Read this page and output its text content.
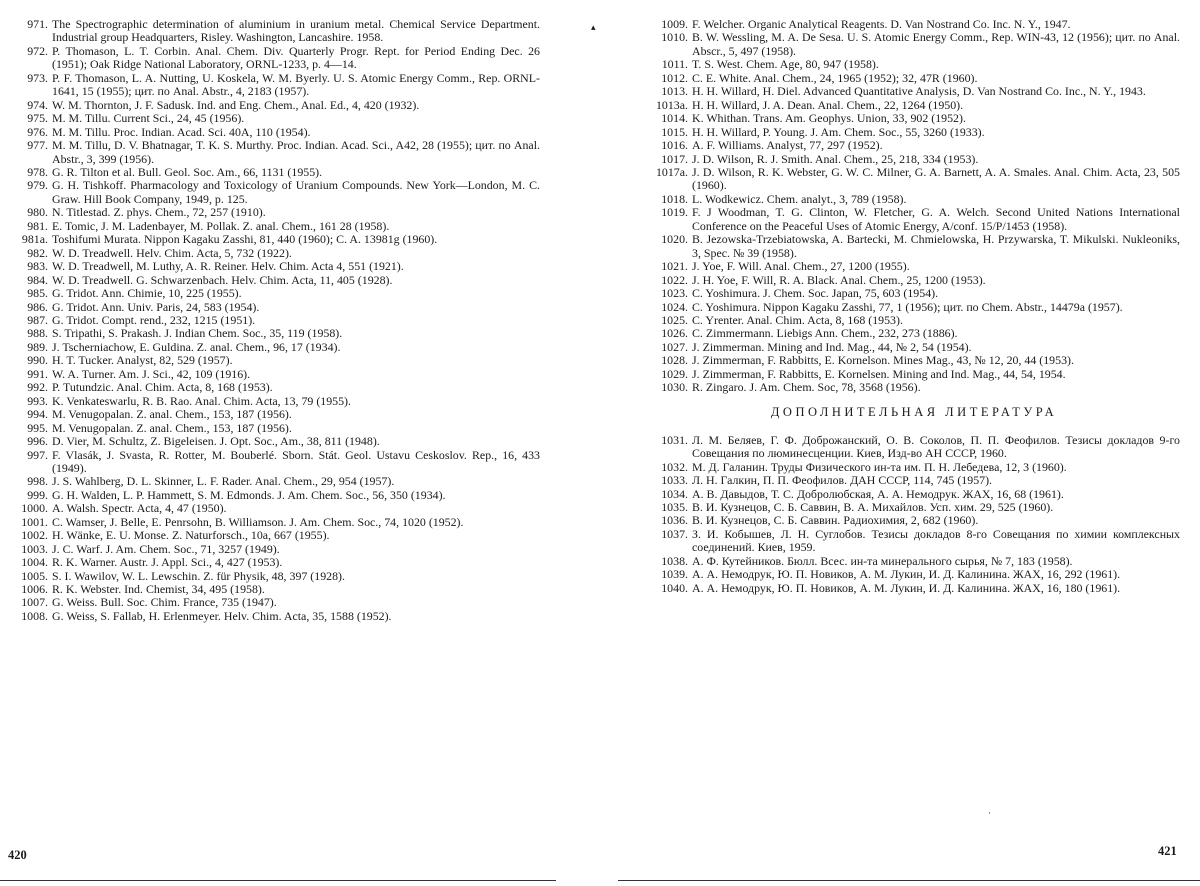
971. The Spectrographic determination of aluminium in uranium metal. Chemical Service Department. Industrial group Headquarters, Risley. Washington, Lancashire. 1958.
972. P. Thomason, L. T. Corbin. Anal. Chem. Div. Quarterly Progr. Rept. for Period Ending Dec. 26 (1951); Oak Ridge National Laboratory, ORNL-1233, p. 4—14.
973. P. F. Thomason, L. A. Nutting, U. Koskela, W. M. Byerly. U. S. Atomic Energy Comm., Rep. ORNL-1641, 15 (1955); цит. по Anal. Abstr., 4, 2183 (1957).
974. W. M. Thornton, J. F. Sadusk. Ind. and Eng. Chem., Anal. Ed., 4, 420 (1932).
975. M. M. Tillu. Current Sci., 24, 45 (1956).
976. M. M. Tillu. Proc. Indian. Acad. Sci. 40A, 110 (1954).
977. M. M. Tillu, D. V. Bhatnagar, T. K. S. Murthy. Proc. Indian. Acad. Sci., A42, 28 (1955); цит. по Anal. Abstr., 3, 399 (1956).
978. G. R. Tilton et al. Bull. Geol. Soc. Am., 66, 1131 (1955).
979. G. H. Tishkoff. Pharmacology and Toxicology of Uranium Compounds. New York—London, M. C. Graw. Hill Book Company, 1949, p. 125.
980. N. Titlestad. Z. phys. Chem., 72, 257 (1910).
981. E. Tomic, J. M. Ladenbayer, M. Pollak. Z. anal. Chem., 161 28 (1958).
981a. Toshifumi Murata. Nippon Kagaku Zasshi, 81, 440 (1960); C. A. 13981g (1960).
982. W. D. Treadwell. Helv. Chim. Acta, 5, 732 (1922).
983. W. D. Treadwell, M. Luthy, A. R. Reiner. Helv. Chim. Acta 4, 551 (1921).
984. W. D. Treadwell. G. Schwarzenbach. Helv. Chim. Acta, 11, 405 (1928).
985. G. Tridot. Ann. Chimie, 10, 225 (1955).
986. G. Tridot. Ann. Univ. Paris, 24, 583 (1954).
987. G. Tridot. Compt. rend., 232, 1215 (1951).
988. S. Tripathi, S. Prakash. J. Indian Chem. Soc., 35, 119 (1958).
989. J. Tscherniachow, E. Guldina. Z. anal. Chem., 96, 17 (1934).
990. H. T. Tucker. Analyst, 82, 529 (1957).
991. W. A. Turner. Am. J. Sci., 42, 109 (1916).
992. P. Tutundzic. Anal. Chim. Acta, 8, 168 (1953).
993. K. Venkateswarlu, R. B. Rao. Anal. Chim. Acta, 13, 79 (1955).
994. M. Venugopalan. Z. anal. Chem., 153, 187 (1956).
995. M. Venugopalan. Z. anal. Chem., 153, 187 (1956).
996. D. Vier, M. Schultz, Z. Bigeleisen. J. Opt. Soc., Am., 38, 811 (1948).
997. F. Vlasák, J. Svasta, R. Rotter, M. Bouberlé. Sborn. Stát. Geol. Ustavu Ceskoslov. Rep., 16, 433 (1949).
998. J. S. Wahlberg, D. L. Skinner, L. F. Rader. Anal. Chem., 29, 954 (1957).
999. G. H. Walden, L. P. Hammett, S. M. Edmonds. J. Am. Chem. Soc., 56, 350 (1934).
1000. A. Walsh. Spectr. Acta, 4, 47 (1950).
1001. C. Wamser, J. Belle, E. Penrsohn, B. Williamson. J. Am. Chem. Soc., 74, 1020 (1952).
1002. H. Wänke, E. U. Monse. Z. Naturforsch., 10a, 667 (1955).
1003. J. C. Warf. J. Am. Chem. Soc., 71, 3257 (1949).
1004. R. K. Warner. Austr. J. Appl. Sci., 4, 427 (1953).
1005. S. I. Wawilov, W. L. Lewschin. Z. für Physik, 48, 397 (1928).
1006. R. K. Webster. Ind. Chemist, 34, 495 (1958).
1007. G. Weiss. Bull. Soc. Chim. France, 735 (1947).
1008. G. Weiss, S. Fallab, H. Erlenmeyer. Helv. Chim. Acta, 35, 1588 (1952).
1009. F. Welcher. Organic Analytical Reagents. D. Van Nostrand Co. Inc. N. Y., 1947.
1010. B. W. Wessling, M. A. De Sesa. U. S. Atomic Energy Comm., Rep. WIN-43, 12 (1956); цит. по Anal. Abscr., 5, 497 (1958).
1011. T. S. West. Chem. Age, 80, 947 (1958).
1012. C. E. White. Anal. Chem., 24, 1965 (1952); 32, 47R (1960).
1013. H. H. Willard, H. Diel. Advanced Quantitative Analysis, D. Van Nostrand Co. Inc., N. Y., 1943.
1013a. H. H. Willard, J. A. Dean. Anal. Chem., 22, 1264 (1950).
1014. K. Whithan. Trans. Am. Geophys. Union, 33, 902 (1952).
1015. H. H. Willard, P. Young. J. Am. Chem. Soc., 55, 3260 (1933).
1016. A. F. Williams. Analyst, 77, 297 (1952).
1017. J. D. Wilson, R. J. Smith. Anal. Chem., 25, 218, 334 (1953).
1017a. J. D. Wilson, R. K. Webster, G. W. C. Milner, G. A. Barnett, A. A. Smales. Anal. Chim. Acta, 23, 505 (1960).
1018. L. Wodkewicz. Chem. analyt., 3, 789 (1958).
1019. F. J Woodman, T. G. Clinton, W. Fletcher, G. A. Welch. Second United Nations International Conference on the Peaceful Uses of Atomic Energy, A/conf. 15/P/1453 (1958).
1020. B. Jezowska-Trzebiatowska, A. Bartecki, M. Chmielowska, H. Przywarska, T. Mikulski. Nukleoniks, 3, Spec. № 39 (1958).
1021. J. Yoe, F. Will. Anal. Chem., 27, 1200 (1955).
1022. J. H. Yoe, F. Will, R. A. Black. Anal. Chem., 25, 1200 (1953).
1023. C. Yoshimura. J. Chem. Soc. Japan, 75, 603 (1954).
1024. C. Yoshimura. Nippon Kagaku Zasshi, 77, 1 (1956); цит. по Chem. Abstr., 14479a (1957).
1025. C. Yrenter. Anal. Chim. Acta, 8, 168 (1953).
1026. C. Zimmermann. Liebigs Ann. Chem., 232, 273 (1886).
1027. J. Zimmerman. Mining and Ind. Mag., 44, № 2, 54 (1954).
1028. J. Zimmerman, F. Rabbitts, E. Kornelson. Mines Mag., 43, № 12, 20, 44 (1953).
1029. J. Zimmerman, F. Rabbitts, E. Kornelsen. Mining and Ind. Mag., 44, 54, 1954.
1030. R. Zingaro. J. Am. Chem. Soc, 78, 3568 (1956).
ДОПОЛНИТЕЛЬНАЯ ЛИТЕРАТУРА
1031. Л. М. Беляев, Г. Ф. Доброжанский, О. В. Соколов, П. П. Феофилов. Тезисы докладов 9-го Совещания по люминесценции. Киев, Изд-во АН СССР, 1960.
1032. М. Д. Галанин. Труды Физического ин-та им. П. Н. Лебедева, 12, 3 (1960).
1033. Л. Н. Галкин, П. П. Феофилов. ДАН СССР, 114, 745 (1957).
1034. А. В. Давыдов, Т. С. Добролюбская, А. А. Немодрук. ЖАХ, 16, 68 (1961).
1035. В. И. Кузнецов, С. Б. Саввин, В. А. Михайлов. Усп. хим. 29, 525 (1960).
1036. В. И. Кузнецов, С. Б. Саввин. Радиохимия, 2, 682 (1960).
1037. З. И. Кобышев, Л. Н. Суглобов. Тезисы докладов 8-го Совещания по химии комплексных соединений. Киев, 1959.
1038. А. Ф. Кутейников. Бюлл. Всес. ин-та минерального сырья, № 7, 183 (1958).
1039. А. А. Немодрук, Ю. П. Новиков, А. М. Лукин, И. Д. Калинина. ЖАХ, 16, 292 (1961).
1040. А. А. Немодрук, Ю. П. Новиков, А. М. Лукин, И. Д. Калинина. ЖАХ, 16, 180 (1961).
420	421
▴
·
